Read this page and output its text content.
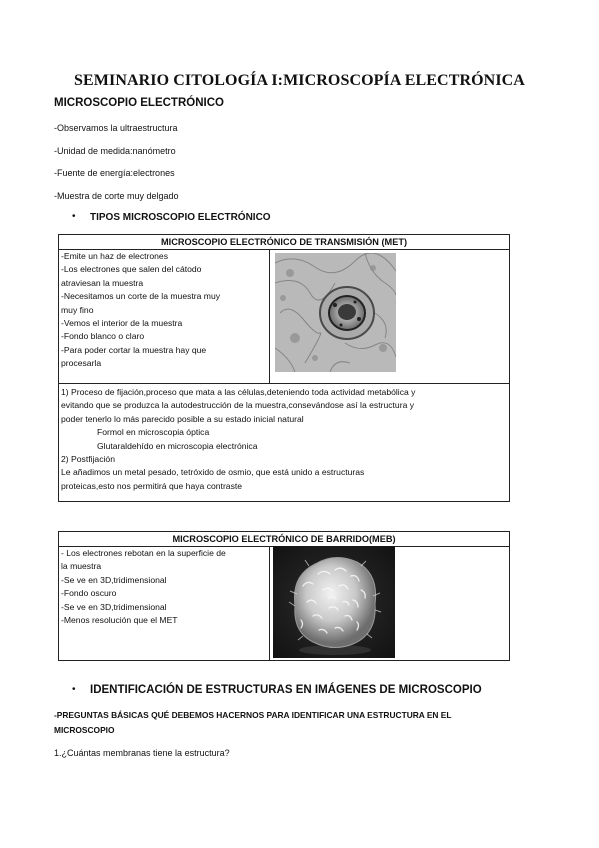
SEMINARIO CITOLOGÍA I:MICROSCOPÍA ELECTRÓNICA
MICROSCOPIO ELECTRÓNICO
-Observamos la ultraestructura
-Unidad de medida:nanómetro
-Fuente de energía:electrones
-Muestra de corte muy delgado
• TIPOS MICROSCOPIO ELECTRÓNICO
MICROSCOPIO ELECTRÓNICO DE TRANSMISIÓN (MET)

-Emite un haz de electrones
-Los electrones que salen del cátodo
atraviesan la muestra
-Necesitamos un corte de la muestra muy
muy fino
-Vemos el interior de la muestra
-Fondo blanco o claro
-Para poder cortar la muestra hay que
procesarla

1) Proceso de fijación,proceso que mata a las células,deteniendo toda actividad metabólica y
evitando que se produzca la autodestrucción de la muestra,consevándose así la estructura y
poder tenerlo lo más parecido posible a su estado inicial natural
Formol en microscopia óptica
Glutaraldehído en microscopia electrónica
2) Postfijación
Le añadimos un metal pesado, tetróxido de osmio, que está unido a estructuras
proteicas,esto nos permitirá que haya contraste
MICROSCOPIO ELECTRÓNICO DE BARRIDO(MEB)

- Los electrones rebotan en la superficie de
la muestra
-Se ve en 3D,tridimensional
-Fondo oscuro
-Se ve en 3D,tridimensional
-Menos resolución que el MET

• IDENTIFICACIÓN DE ESTRUCTURAS EN IMÁGENES DE MICROSCOPIO
-PREGUNTAS BÁSICAS QUÉ DEBEMOS HACERNOS PARA IDENTIFICAR UNA ESTRUCTURA EN EL
MICROSCOPIO
1.¿Cuántas membranas tiene la estructura?
